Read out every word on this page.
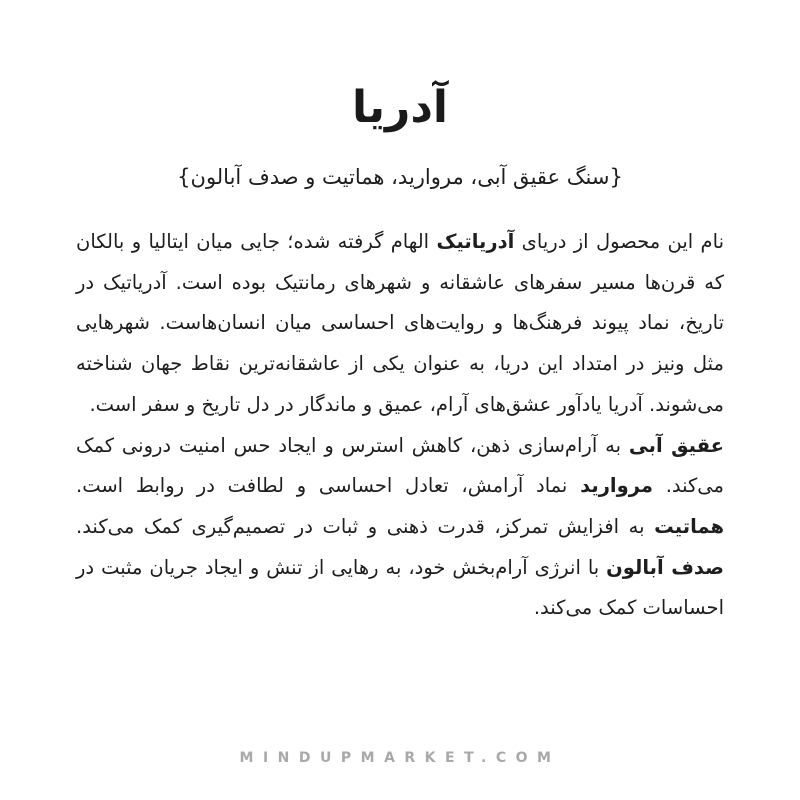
آدریا

{سنگ عقیق آبی، مروارید، هماتیت و صدف آبالون}

نام این محصول از دریای آدریاتیک الهام گرفته شده؛ جایی میان ایتالیا و بالکان که قرن‌ها مسیر سفرهای عاشقانه و شهرهای رمانتیک بوده است. آدریاتیک در تاریخ، نماد پیوند فرهنگ‌ها و روایت‌های احساسی میان انسان‌هاست. شهرهایی مثل ونیز در امتداد این دریا، به عنوان یکی از عاشقانه‌ترین نقاط جهان شناخته می‌شوند. آدریا یادآور عشق‌های آرام، عمیق و ماندگار در دل تاریخ و سفر است.

عقیق آبی به آرام‌سازی ذهن، کاهش استرس و ایجاد حس امنیت درونی کمک می‌کند. مروارید نماد آرامش، تعادل احساسی و لطافت در روابط است. هماتیت به افزایش تمرکز، قدرت ذهنی و ثبات در تصمیم‌گیری کمک می‌کند. صدف آبالون با انرژی آرام‌بخش خود، به رهایی از تنش و ایجاد جریان مثبت در احساسات کمک می‌کند.

MINDUPMARKET.COM
